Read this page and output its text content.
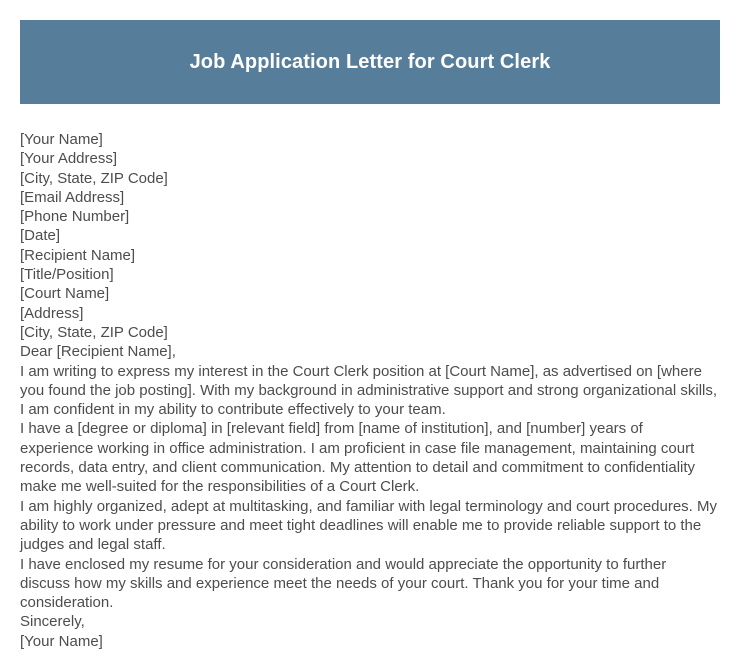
Job Application Letter for Court Clerk
[Your Name]
[Your Address]
[City, State, ZIP Code]
[Email Address]
[Phone Number]
[Date]
[Recipient Name]
[Title/Position]
[Court Name]
[Address]
[City, State, ZIP Code]
Dear [Recipient Name],

I am writing to express my interest in the Court Clerk position at [Court Name], as advertised on [where you found the job posting]. With my background in administrative support and strong organizational skills, I am confident in my ability to contribute effectively to your team.

I have a [degree or diploma] in [relevant field] from [name of institution], and [number] years of experience working in office administration. I am proficient in case file management, maintaining court records, data entry, and client communication. My attention to detail and commitment to confidentiality make me well-suited for the responsibilities of a Court Clerk.

I am highly organized, adept at multitasking, and familiar with legal terminology and court procedures. My ability to work under pressure and meet tight deadlines will enable me to provide reliable support to the judges and legal staff.

I have enclosed my resume for your consideration and would appreciate the opportunity to further discuss how my skills and experience meet the needs of your court. Thank you for your time and consideration.

Sincerely,
[Your Name]
